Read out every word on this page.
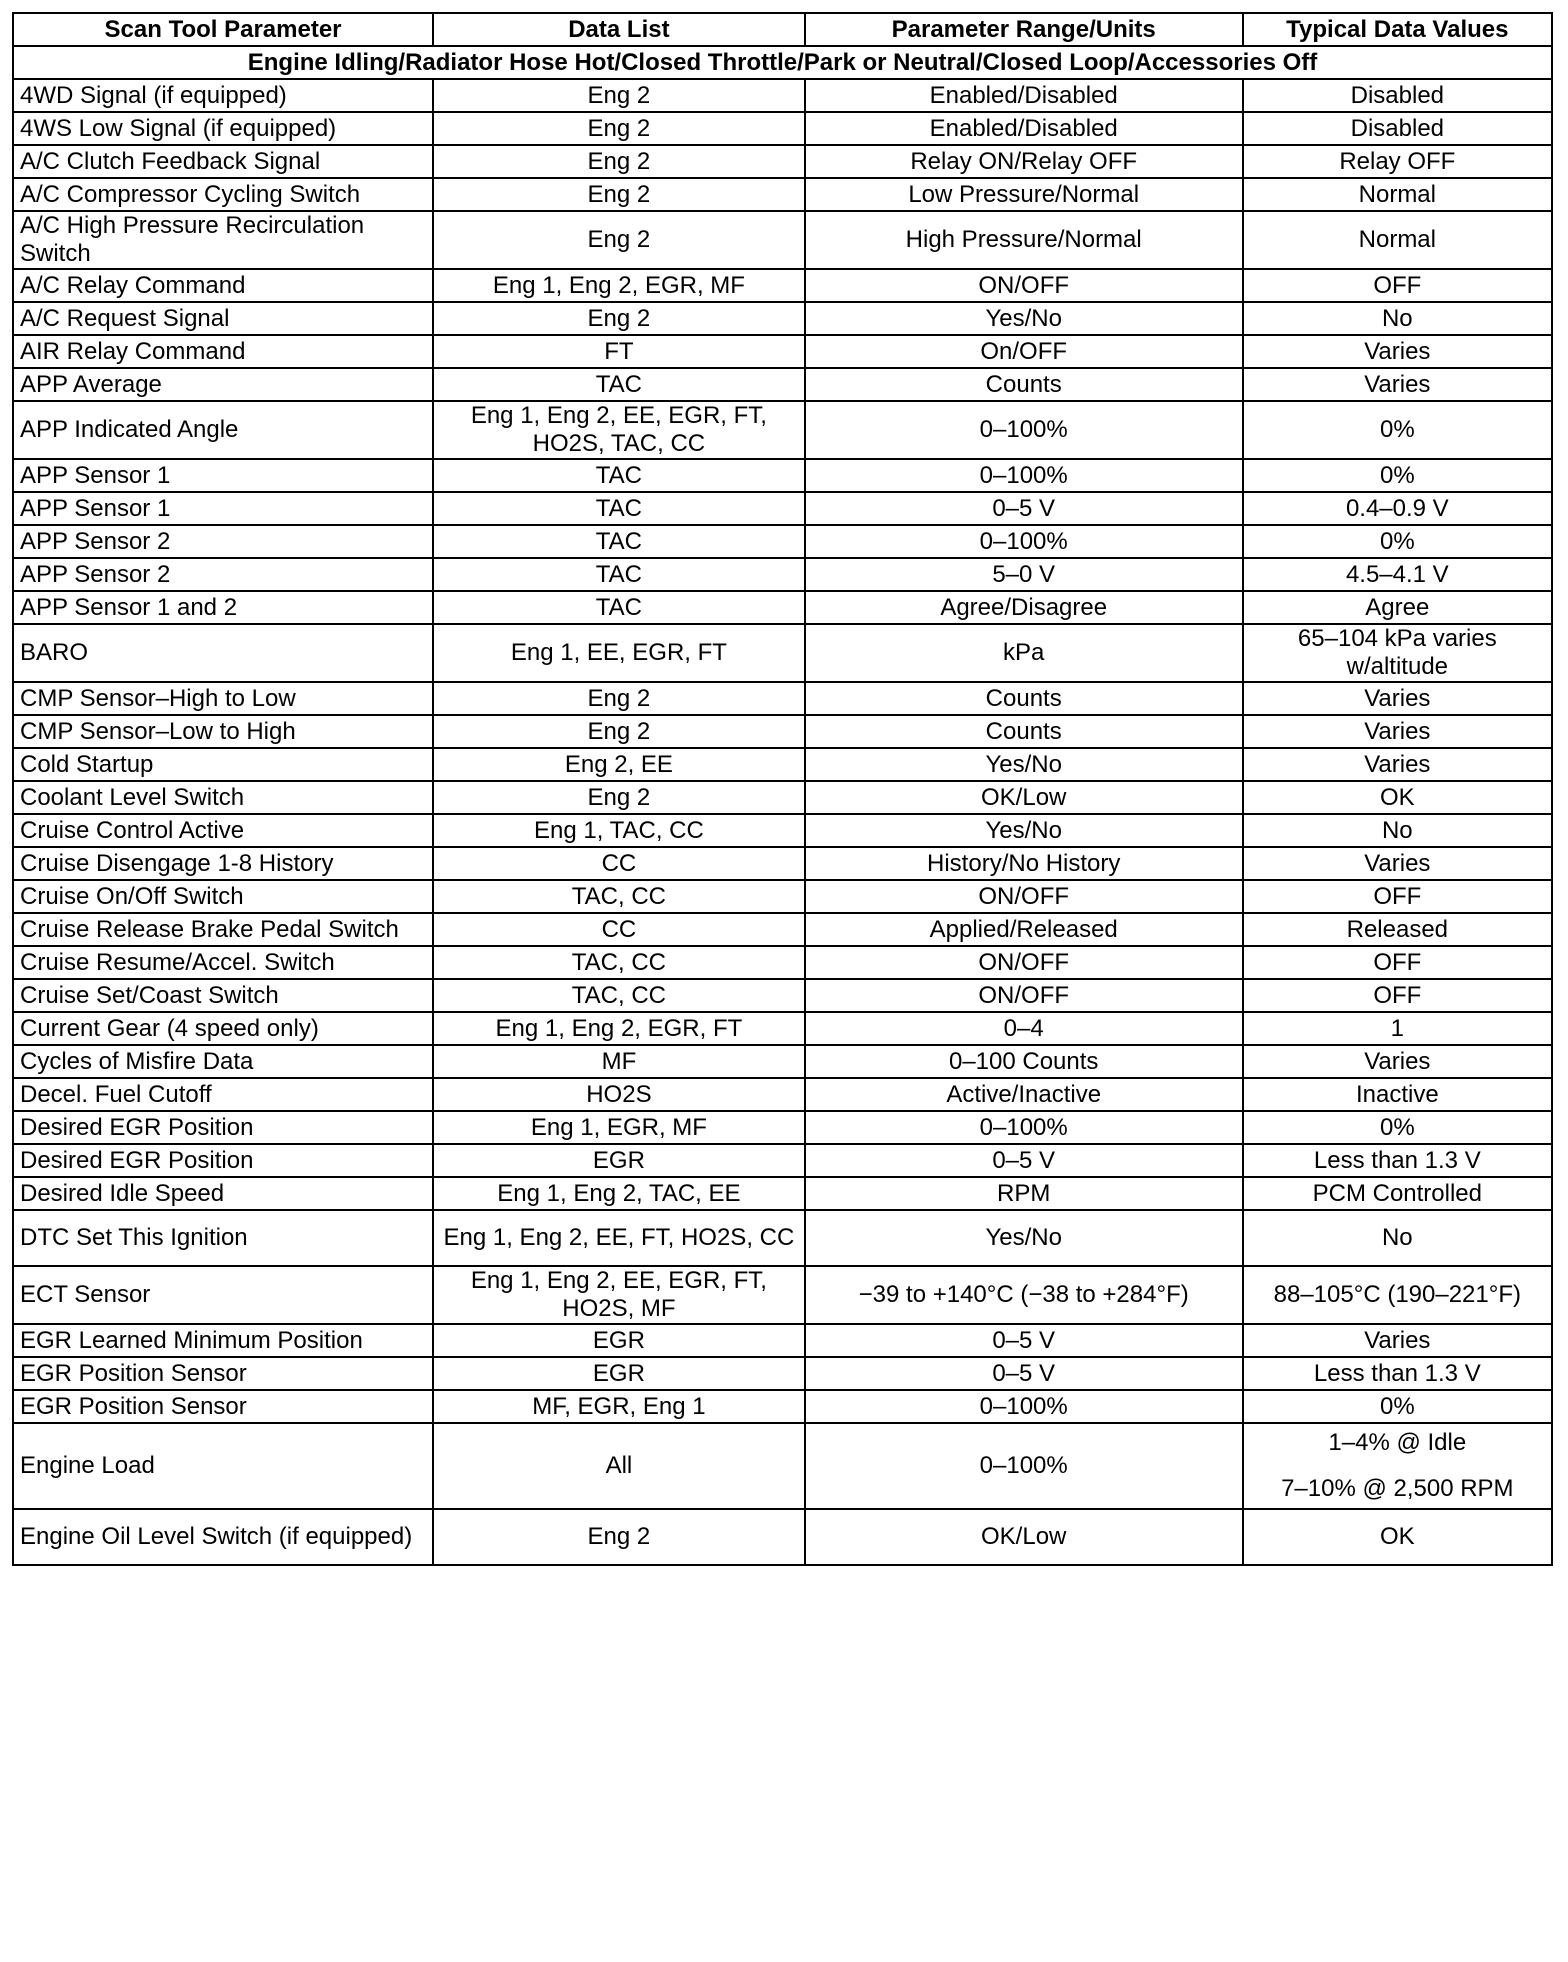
Scan Tool Parameter	Data List	Parameter Range/Units	Typical Data Values
Engine Idling/Radiator Hose Hot/Closed Throttle/Park or Neutral/Closed Loop/Accessories Off			
4WD Signal (if equipped)	Eng 2	Enabled/Disabled	Disabled
4WS Low Signal (if equipped)	Eng 2	Enabled/Disabled	Disabled
A/C Clutch Feedback Signal	Eng 2	Relay ON/Relay OFF	Relay OFF
A/C Compressor Cycling Switch	Eng 2	Low Pressure/Normal	Normal
A/C High Pressure Recirculation Switch	Eng 2	High Pressure/Normal	Normal
A/C Relay Command	Eng 1, Eng 2, EGR, MF	ON/OFF	OFF
A/C Request Signal	Eng 2	Yes/No	No
AIR Relay Command	FT	On/OFF	Varies
APP Average	TAC	Counts	Varies
APP Indicated Angle	Eng 1, Eng 2, EE, EGR, FT, HO2S, TAC, CC	0–100%	0%
APP Sensor 1	TAC	0–100%	0%
APP Sensor 1	TAC	0–5 V	0.4–0.9 V
APP Sensor 2	TAC	0–100%	0%
APP Sensor 2	TAC	5–0 V	4.5–4.1 V
APP Sensor 1 and 2	TAC	Agree/Disagree	Agree
BARO	Eng 1, EE, EGR, FT	kPa	65–104 kPa varies w/altitude
CMP Sensor–High to Low	Eng 2	Counts	Varies
CMP Sensor–Low to High	Eng 2	Counts	Varies
Cold Startup	Eng 2, EE	Yes/No	Varies
Coolant Level Switch	Eng 2	OK/Low	OK
Cruise Control Active	Eng 1, TAC, CC	Yes/No	No
Cruise Disengage 1-8 History	CC	History/No History	Varies
Cruise On/Off Switch	TAC, CC	ON/OFF	OFF
Cruise Release Brake Pedal Switch	CC	Applied/Released	Released
Cruise Resume/Accel. Switch	TAC, CC	ON/OFF	OFF
Cruise Set/Coast Switch	TAC, CC	ON/OFF	OFF
Current Gear (4 speed only)	Eng 1, Eng 2, EGR, FT	0–4	1
Cycles of Misfire Data	MF	0–100 Counts	Varies
Decel. Fuel Cutoff	HO2S	Active/Inactive	Inactive
Desired EGR Position	Eng 1, EGR, MF	0–100%	0%
Desired EGR Position	EGR	0–5 V	Less than 1.3 V
Desired Idle Speed	Eng 1, Eng 2, TAC, EE	RPM	PCM Controlled
DTC Set This Ignition	Eng 1, Eng 2, EE, FT, HO2S, CC	Yes/No	No
ECT Sensor	Eng 1, Eng 2, EE, EGR, FT, HO2S, MF	−39 to +140°C (−38 to +284°F)	88–105°C (190–221°F)
EGR Learned Minimum Position	EGR	0–5 V	Varies
EGR Position Sensor	EGR	0–5 V	Less than 1.3 V
EGR Position Sensor	MF, EGR, Eng 1	0–100%	0%
Engine Load	All	0–100%	1–4% @ Idle
7–10% @ 2,500 RPM
Engine Oil Level Switch (if equipped)	Eng 2	OK/Low	OK
